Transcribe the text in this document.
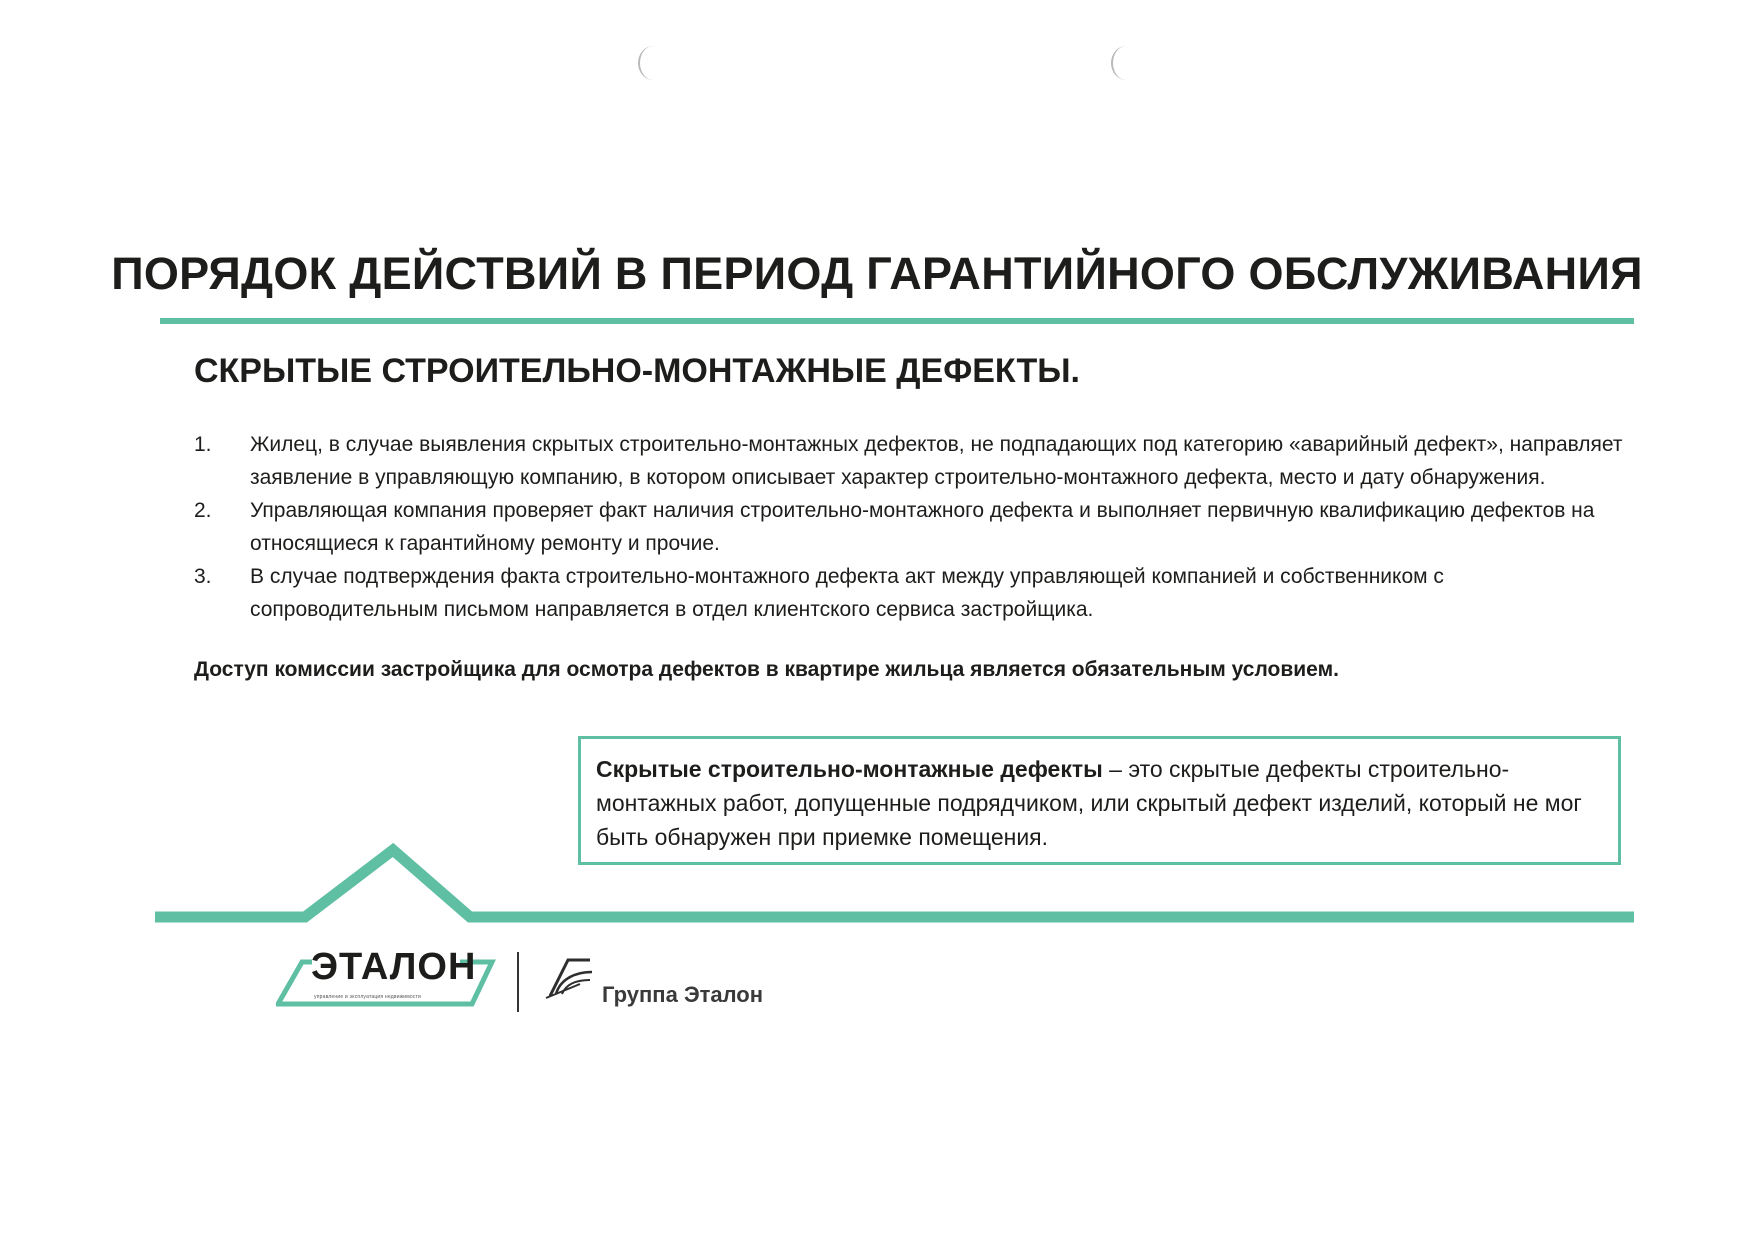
ПОРЯДОК ДЕЙСТВИЙ В ПЕРИОД ГАРАНТИЙНОГО ОБСЛУЖИВАНИЯ
СКРЫТЫЕ СТРОИТЕЛЬНО-МОНТАЖНЫЕ ДЕФЕКТЫ.
1. Жилец, в случае выявления скрытых строительно-монтажных дефектов, не подпадающих под категорию «аварийный дефект», направляет заявление в управляющую компанию, в котором описывает характер строительно-монтажного дефекта, место и дату обнаружения.
2. Управляющая компания проверяет факт наличия строительно-монтажного дефекта и выполняет первичную квалификацию дефектов на относящиеся к гарантийному ремонту и прочие.
3. В случае подтверждения факта строительно-монтажного дефекта акт между управляющей компанией и собственником с сопроводительным письмом направляется в отдел клиентского сервиса застройщика.

Доступ комиссии застройщика для осмотра дефектов в квартире жильца является обязательным условием.

Скрытые строительно-монтажные дефекты – это скрытые дефекты строительно-монтажных работ, допущенные подрядчиком, или скрытый дефект изделий, который не мог быть обнаружен при приемке помещения.
ЭТАЛОН
управление и эксплуатация недвижимости	Группа Эталон
